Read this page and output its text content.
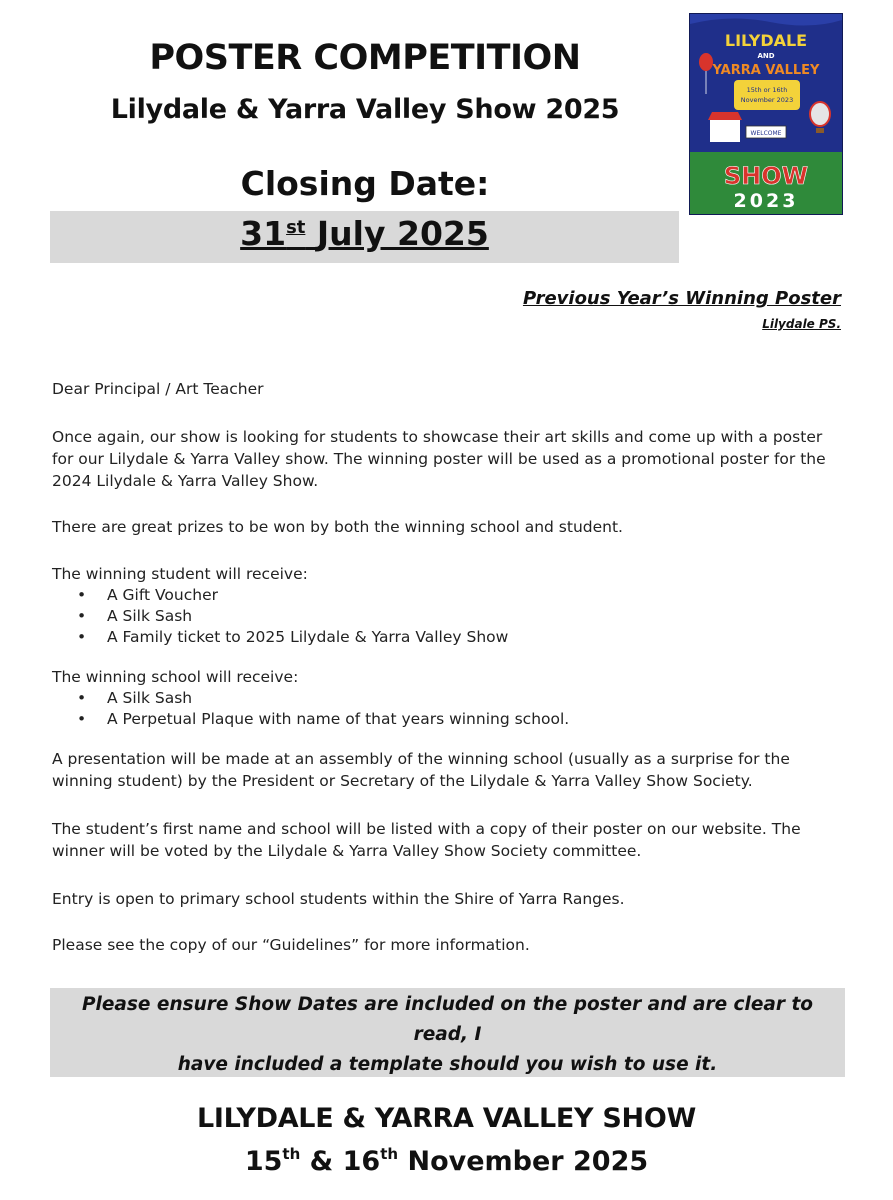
POSTER COMPETITION
Lilydale & Yarra Valley Show 2025
Closing Date:
31st July 2025
LILYDALE
AND
YARRA VALLEY
15th or 16th
November 2023
WELCOME
SHOW
2023
Previous Year’s Winning Poster
Lilydale PS.
Dear Principal / Art Teacher
Once again, our show is looking for students to showcase their art skills and come up with a poster
for our Lilydale & Yarra Valley show. The winning poster will be used as a promotional poster for the
2024 Lilydale & Yarra Valley Show.
There are great prizes to be won by both the winning school and student.
The winning student will receive:
• A Gift Voucher
• A Silk Sash
• A Family ticket to 2025 Lilydale & Yarra Valley Show
The winning school will receive:
• A Silk Sash
• A Perpetual Plaque with name of that years winning school.
A presentation will be made at an assembly of the winning school (usually as a surprise for the
winning student) by the President or Secretary of the Lilydale & Yarra Valley Show Society.
The student’s first name and school will be listed with a copy of their poster on our website. The
winner will be voted by the Lilydale & Yarra Valley Show Society committee.
Entry is open to primary school students within the Shire of Yarra Ranges.
Please see the copy of our “Guidelines” for more information.
Please ensure Show Dates are included on the poster and are clear to read, I
have included a template should you wish to use it.
LILYDALE & YARRA VALLEY SHOW
15th & 16th November 2025
